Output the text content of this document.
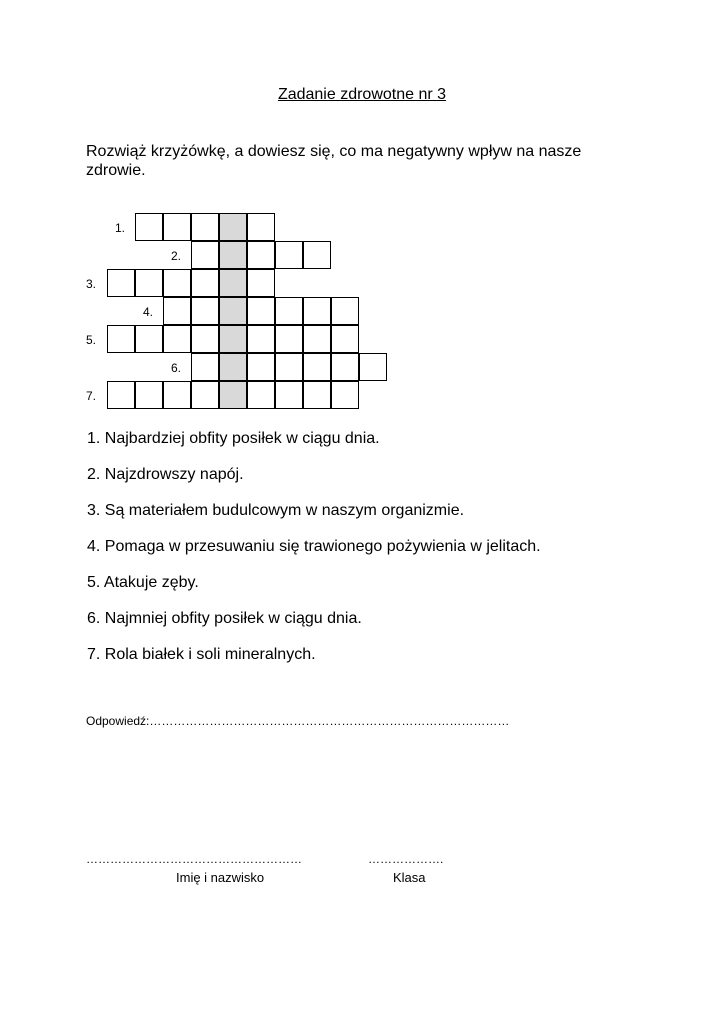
Zadanie zdrowotne nr 3
Rozwiąż krzyżówkę, a dowiesz się, co ma negatywny wpływ na nasze zdrowie.
1.
2.
3.
4.
5.
6.
7.
1. Najbardziej obfity posiłek w ciągu dnia.
2. Najzdrowszy napój.
3. Są materiałem budulcowym w naszym organizmie.
4. Pomaga w przesuwaniu się trawionego pożywienia w jelitach.
5. Atakuje zęby.
6. Najmniej obfity posiłek w ciągu dnia.
7. Rola białek i soli mineralnych.
Odpowiedź:………………………………………………………………………………
………………………………………………	……………….
Imię i nazwisko	Klasa
